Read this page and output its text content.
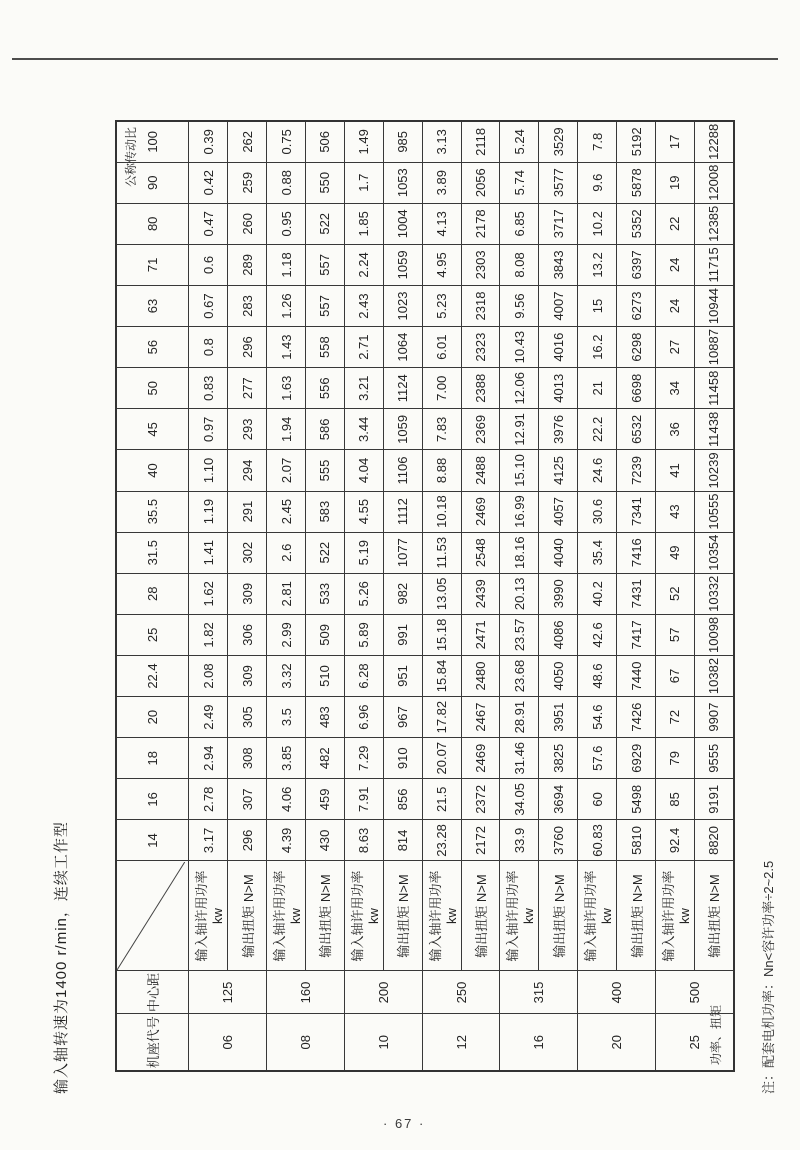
输入轴转速为1400 r/min，连续工作型	机座代号	中心距	公称传动比
功率、扭矩	14	16	18	20	22.4	25	28	31.5	35.5	40	45	50	56	63	71	80	90	100
06	125	输入轴许用功率 kw	3.17	2.78	2.94	2.49	2.08	1.82	1.62	1.41	1.19	1.10	0.97	0.83	0.8	0.67	0.6	0.47	0.42	0.39
		输出扭矩 N>M	296	307	308	305	309	306	309	302	291	294	293	277	296	283	289	260	259	262
08	160	输入轴许用功率 kw	4.39	4.06	3.85	3.5	3.32	2.99	2.81	2.6	2.45	2.07	1.94	1.63	1.43	1.26	1.18	0.95	0.88	0.75
		输出扭矩 N>M	430	459	482	483	510	509	533	522	583	555	586	556	558	557	557	522	550	506
10	200	输入轴许用功率 kw	8.63	7.91	7.29	6.96	6.28	5.89	5.26	5.19	4.55	4.04	3.44	3.21	2.71	2.43	2.24	1.85	1.7	1.49
		输出扭矩 N>M	814	856	910	967	951	991	982	1077	1112	1106	1059	1124	1064	1023	1059	1004	1053	985
12	250	输入轴许用功率 kw	23.28	21.5	20.07	17.82	15.84	15.18	13.05	11.53	10.18	8.88	7.83	7.00	6.01	5.23	4.95	4.13	3.89	3.13
		输出扭矩 N>M	2172	2372	2469	2467	2480	2471	2439	2548	2469	2488	2369	2388	2323	2318	2303	2178	2056	2118
16	315	输入轴许用功率 kw	33.9	34.05	31.46	28.91	23.68	23.57	20.13	18.16	16.99	15.10	12.91	12.06	10.43	9.56	8.08	6.85	5.74	5.24
		输出扭矩 N>M	3760	3694	3825	3951	4050	4086	3990	4040	4057	4125	3976	4013	4016	4007	3843	3717	3577	3529
20	400	输入轴许用功率 kw	60.83	60	57.6	54.6	48.6	42.6	40.2	35.4	30.6	24.6	22.2	21	16.2	15	13.2	10.2	9.6	7.8
		输出扭矩 N>M	5810	5498	6929	7426	7440	7417	7431	7416	7341	7239	6532	6698	6298	6273	6397	5352	5878	5192
25	500	输入轴许用功率 kw	92.4	85	79	72	67	57	52	49	43	41	36	34	27	24	24	22	19	17
		输出扭矩 N>M	8820	9191	9555	9907	10382	10098	10332	10354	10555	10239	11438	11458	10887	10944	11715	12385	12008	12288
注：配套电机功率：Nn<容许功率÷2~2.5
· 67 ·
